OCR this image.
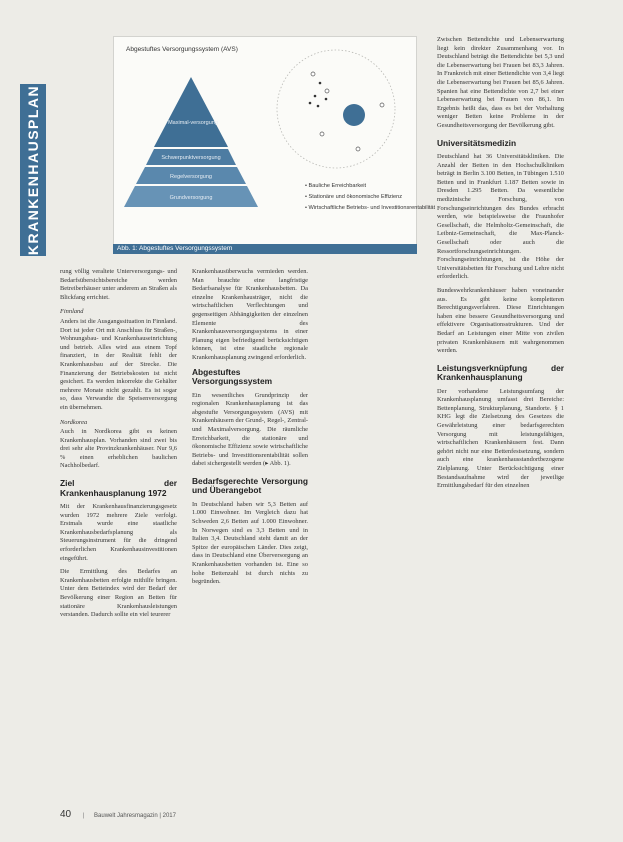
KRANKENHAUSPLAN
Abgestuftes Versorgungssystem (AVS)
Maximal-versorgung
Schwerpunktversorgung
Regelversorgung
Grundversorgung
• Bauliche Erreichbarkeit
• Stationäre und ökonomische Effizienz
• Wirtschaftliche Betriebs- und Investitionsrentabilität
Abb. 1: Abgestuftes Versorgungssystem

rung völlig veraltete Unterversorgungs- und Bedarfsübersichtsbereiche werden Betreiberhäuser unter anderem an Straßen als Blickfang errichtet.

Finnland

Anders ist die Ausgangssituation in Finnland. Dort ist jeder Ort mit Anschluss für Straßen-, Wohnungsbau- und Krankenhauseinrichtung und betrieb. Alles wird aus einem Topf finanziert, in der Realität fehlt der Krankenhausbau auf der Strecke. Die Finanzierung der Betriebskosten ist nicht gesichert. Es werden inkorrekte die Gehälter mehrere Monate nicht gezahlt. Es ist sogar so, dass Verwandte die Speisenversorgung ein übernehmen.

Nordkorea

Auch in Nordkorea gibt es keinen Krankenhausplan. Vorhanden sind zwei bis drei sehr alte Provinzkrankenhäuser. Nur 9,6 % einen erheblichen baulichen Nachholbedarf.

Ziel der Krankenhausplanung 1972

Mit der Krankenhausfinanzierungsgesetz wurden 1972 mehrere Ziele verfolgt. Erstmals wurde eine staatliche Krankenhausbedarfsplanung als Steuerungsinstrument für die dringend erforderlichen Krankenhausinvestitionen eingeführt.

Die Ermittlung des Bedarfes an Krankenhausbetten erfolgte mithilfe bringen. Unter dem Betteindex wird der Bedarf der Bevölkerung einer Region an Betten für stationäre Krankenhausleistungen verstanden. Dadurch sollte ein viel teurerer

Krankenhausüberwuchs vermieden werden. Man brauchte eine langfristige Bedarfsanalyse für Krankenhausbetten. Da einzelne Krankenhausträger, nicht die wirtschaftlichen Verflechtungen und gegenseitigen Abhängigkeiten der einzelnen Elemente des Krankenhausversorgungssystems in einer Planung eigen befriedigend berücksichtigen können, ist eine staatliche regionale Krankenhausplanung zwingend erforderlich.

Abgestuftes Versorgungssystem

Ein wesentliches Grundprinzip der regionalen Krankenhausplanung ist das abgestufte Versorgungssystem (AVS) mit Krankenhäusern der Grund-, Regel-, Zentral- und Maximalversorgung. Die räumliche Erreichbarkeit, die stationäre und ökonomische Effizienz sowie wirtschaftliche Betriebs- und Investitionsrentabilität sollen dabei sichergestellt werden (▸ Abb. 1).

Bedarfsgerechte Versorgung und Überangebot

In Deutschland haben wir 5,3 Betten auf 1.000 Einwohner. Im Vergleich dazu hat Schweden 2,6 Betten auf 1.000 Einwohner. In Norwegen sind es 3,3 Betten und in Italien 3,4. Deutschland steht damit an der Spitze der europäischen Länder. Dies zeigt, dass in Deutschland eine Überversorgung an Krankenhausbetten vorhanden ist. Eine so hohe Bettenzahl ist durch nichts zu begründen.

Zwischen Bettendichte und Lebenserwartung liegt kein direkter Zusammenhang vor. In Deutschland beträgt die Bettendichte bei 5,3 und die Lebenserwartung bei Frauen bei 83,3 Jahren. In Frankreich mit einer Bettendichte von 3,4 liegt die Lebenserwartung bei Frauen bei 85,6 Jahren. Spanien hat eine Bettendichte von 2,7 bei einer Lebenserwartung bei Frauen von 86,1. Im Ergebnis heißt das, dass es bei der Vorhaltung weniger Betten keine Probleme in der Gesundheitsversorgung der Bevölkerung gibt.

Universitätsmedizin

Deutschland hat 36 Universitätskliniken. Die Anzahl der Betten in den Hochschulkliniken beträgt in Berlin 3.100 Betten, in Tübingen 1.510 Betten und in Frankfurt 1.187 Betten sowie in Dresden 1.295 Betten. Da wesentliche medizinische Forschung, von Forschungseinrichtungen des Bundes erbracht werden, wie beispielsweise die Fraunhofer Gesellschaft, die Helmholtz-Gemeinschaft, die Leibniz-Gemeinschaft, die Max-Planck-Gesellschaft oder auch die Ressortforschungseinrichtungen. Forschungseinrichtungen, ist die Höhe der Universitätsbetten für Forschung und Lehre nicht erforderlich.

Bundeswehrkrankenhäuser haben voneinander aus. Es gibt keine kompletteren Berechtigungsverfahren. Diese Einrichtungen haben eine bessere Gesundheitsversorgung und effektivere Organisationsstrukturen. Und der Bedarf an Leistungen einer Mitte von zivilen privaten Krankenhäusern mit wahrgenommen werden.

Leistungsverknüpfung der Krankenhausplanung

Der vorhandene Leistungsumfang der Krankenhausplanung umfasst drei Bereiche: Bettenplanung, Strukturplanung, Standorte. § 1 KHG legt die Zielsetzung des Gesetzes die Gewährleistung einer bedarfsgerechten Versorgung mit leistungsfähigen, wirtschaftlichen Krankenhäusern fest. Dann gehört nicht nur eine Bettenfestsetzung, sondern auch eine krankenhausstandortbezogene Zielplanung. Unter Berücksichtigung einer Bestandsaufnahme wird der jeweilige Ermittlungsbedarf für den einzelnen

40 | Bauwelt Jahresmagazin | 2017
